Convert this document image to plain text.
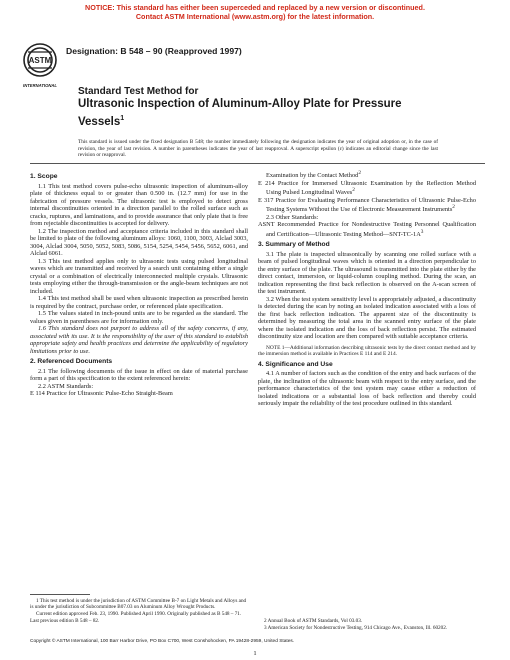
NOTICE: This standard has either been superceded and replaced by a new version or discontinued.
Contact ASTM International (www.astm.org) for the latest information.
ASTM
INTERNATIONAL
Designation: B 548 – 90 (Reapproved 1997)
Standard Test Method for
Ultrasonic Inspection of Aluminum-Alloy Plate for Pressure
Vessels$^1$
This standard is issued under the fixed designation B 548; the number immediately following the designation indicates the year of original adoption or, in the case of revision, the year of last revision. A number in parentheses indicates the year of last reapproval. A superscript epsilon (ε) indicates an editorial change since the last revision or reapproval.
1. Scope

1.1 This test method covers pulse-echo ultrasonic inspection of aluminum-alloy plate of thickness equal to or greater than 0.500 in. (12.7 mm) for use in the fabrication of pressure vessels. The ultrasonic test is employed to detect gross internal discontinuities oriented in a direction parallel to the rolled surface such as cracks, ruptures, and laminations, and to provide assurance that only plate that is free from rejectable discontinuities is accepted for delivery.

1.2 The inspection method and acceptance criteria included in this standard shall be limited to plate of the following aluminum alloys: 1060, 1100, 3003, Alclad 3003, 3004, Alclad 3004, 5050, 5052, 5083, 5086, 5154, 5254, 5454, 5456, 5652, 6061, and Alclad 6061.

1.3 This test method applies only to ultrasonic tests using pulsed longitudinal waves which are transmitted and received by a search unit containing either a single crystal or a combination of electrically interconnected multiple crystals. Ultrasonic tests employing either the through-transmission or the angle-beam techniques are not included.

1.4 This test method shall be used when ultrasonic inspection as prescribed herein is required by the contract, purchase order, or referenced plate specification.

1.5 The values stated in inch-pound units are to be regarded as the standard. The values given in parentheses are for information only.

1.6 This standard does not purport to address all of the safety concerns, if any, associated with its use. It is the responsibility of the user of this standard to establish appropriate safety and health practices and determine the applicability of regulatory limitations prior to use.

2. Referenced Documents

2.1 The following documents of the issue in effect on date of material purchase form a part of this specification to the extent referenced herein:

2.2 ASTM Standards:

E 114 Practice for Ultrasonic Pulse-Echo Straight-Beam

Examination by the Contact Method$^2$

E 214 Practice for Immersed Ultrasonic Examination by the Reflection Method Using Pulsed Longitudinal Waves$^2$

E 317 Practice for Evaluating Performance Characteristics of Ultrasonic Pulse-Echo Testing Systems Without the Use of Electronic Measurement Instruments$^2$

2.3 Other Standards:

ASNT Recommended Practice for Nondestructive Testing Personnel Qualification and Certification—Ultrasonic Testing $Method—SNT-TC-1A^3$

3. Summary of Method

3.1 The plate is inspected ultrasonically by scanning one rolled surface with a beam of pulsed longitudinal waves which is oriented in a direction perpendicular to the entry surface of the plate. The ultrasound is transmitted into the plate either by the direct contact, immersion, or liquid-column coupling method. During the scan, an indication representing the first back reflection is observed on the A-scan screen of the test instrument.

3.2 When the test system sensitivity level is appropriately adjusted, a discontinuity is detected during the scan by noting an isolated indication associated with a loss of the first back reflection indication. The apparent size of the discontinuity is determined by measuring the total area in the scanned entry surface of the plate where the isolated indication and the loss of back reflection persist. The estimated discontinuity size and location are then compared with suitable acceptance criteria.

NOTE 1—Additional information describing ultrasonic tests by the direct contact method and by the immersion method is available in Practices E 114 and E 214.

4. Significance and Use

4.1 A number of factors such as the condition of the entry and back surfaces of the plate, the inclination of the ultrasonic beam with respect to the entry surface, and the performance characteristics of the test system may cause either a reduction of isolated indications or a substantial loss of back reflection and thereby could seriously impair the reliability of the test procedure outlined in this standard.

1 This test method is under the jurisdiction of ASTM Committee B-7 on Light Metals and Alloys and is under the jurisdiction of Subcommittee B07.03 on Aluminum Alloy Wrought Products.

Current edition approved Feb. 23, 1990. Published April 1990. Originally published as B 548 – 71. Last previous edition B 548 – 82.	2 Annual Book of ASTM Standards, Vol 03.03.

3 American Society for Nondestructive Testing, 914 Chicago Ave., Evanston, Ill. 60202.

Copyright © ASTM International, 100 Barr Harbor Drive, PO Box C700, West Conshohocken, PA 19428-2959, United States.
1
